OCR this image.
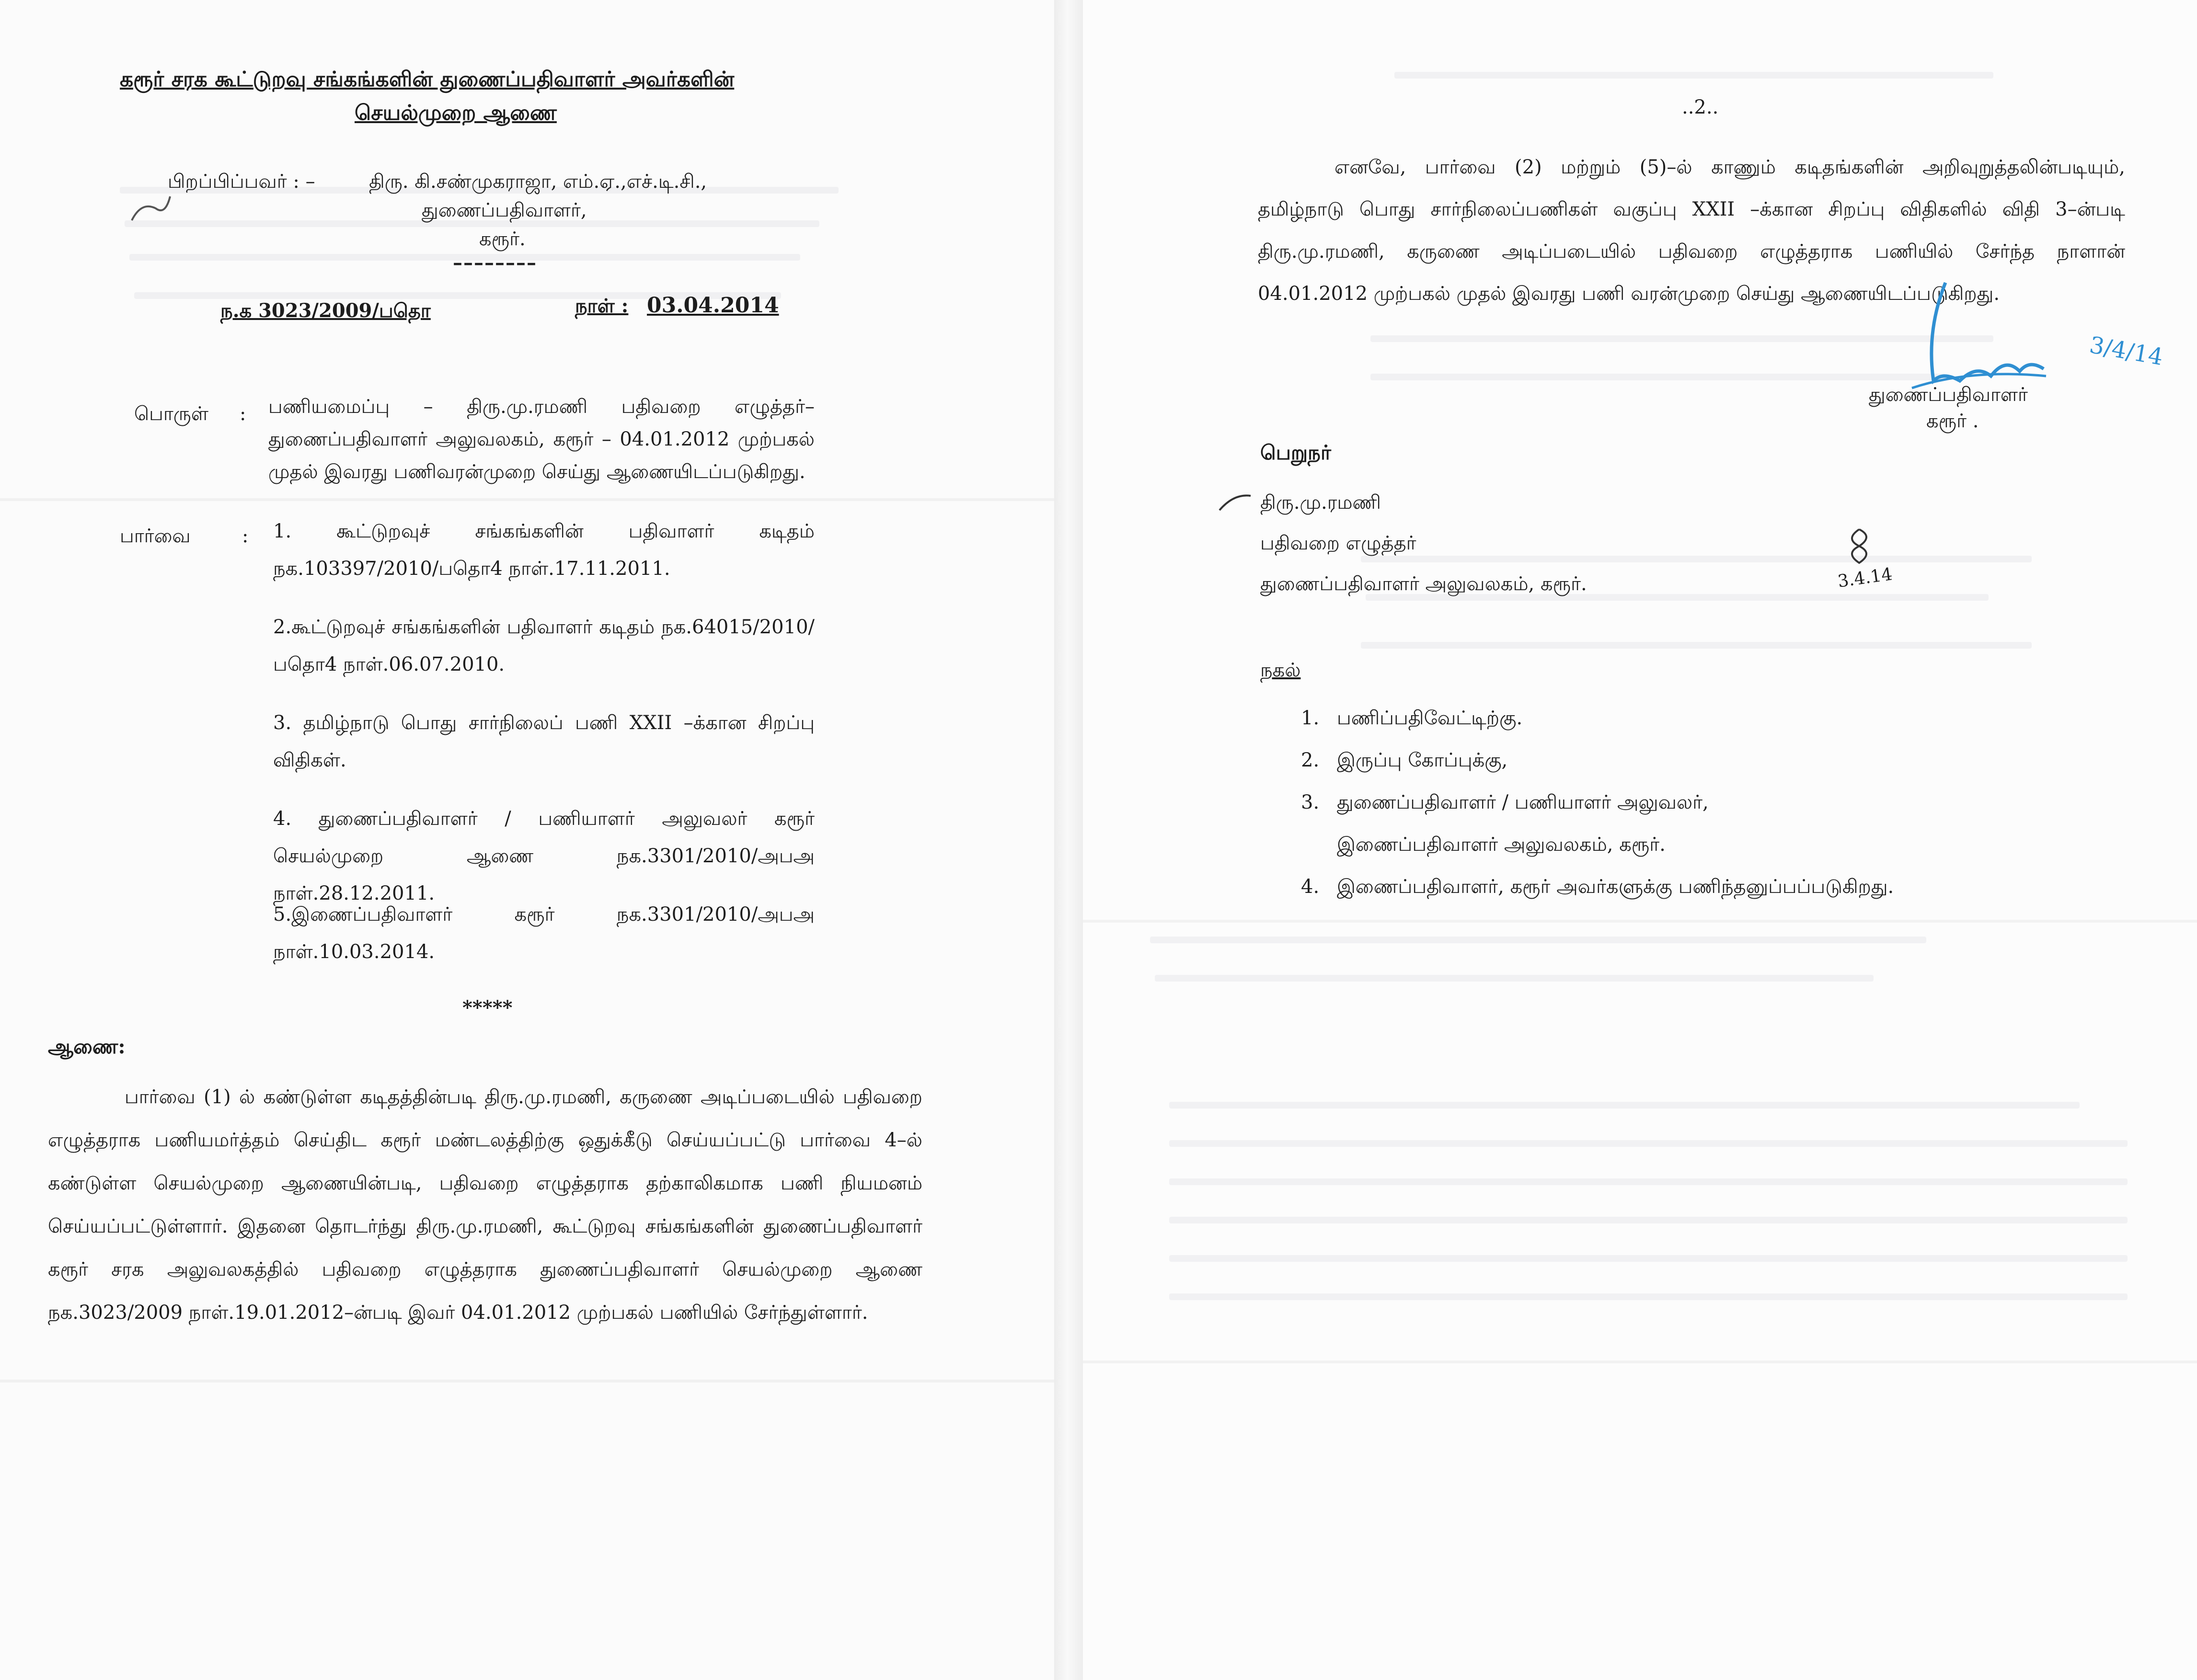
கரூர் சரக கூட்டுறவு சங்கங்களின் துணைப்பதிவாளர் அவர்களின்
செயல்முறை ஆணை
பிறப்பிப்பவர் : –	திரு. கி.சண்முகராஜா, எம்.ஏ.,எச்.டி.சி.,
துணைப்பதிவாளர்,
கரூர்.
––––––––
ந.க 3023/2009/பதொ	நாள் : 03.04.2014
பொருள் : பணியமைப்பு – திரு.மு.ரமணி பதிவறை எழுத்தர்– துணைப்பதிவாளர் அலுவலகம், கரூர் – 04.01.2012 முற்பகல் முதல் இவரது பணிவரன்முறை செய்து ஆணையிடப்படுகிறது.
பார்வை	: 1. கூட்டுறவுச் சங்கங்களின் பதிவாளர் கடிதம் நக.103397/2010/பதொ4 நாள்.17.11.2011.
2.கூட்டுறவுச் சங்கங்களின் பதிவாளர் கடிதம் நக.64015/2010/பதொ4 நாள்.06.07.2010.
3. தமிழ்நாடு பொது சார்நிலைப் பணி XXII –க்கான சிறப்பு விதிகள்.
4. துணைப்பதிவாளர் / பணியாளர் அலுவலர் கரூர் செயல்முறை ஆணை நக.3301/2010/அபஅ நாள்.28.12.2011.
5.இணைப்பதிவாளர் கரூர் நக.3301/2010/அபஅ நாள்.10.03.2014.
*****
ஆணை:
பார்வை (1) ல் கண்டுள்ள கடிதத்தின்படி திரு.மு.ரமணி, கருணை அடிப்படையில் பதிவறை எழுத்தராக பணியமர்த்தம் செய்திட கரூர் மண்டலத்திற்கு ஒதுக்கீடு செய்யப்பட்டு பார்வை 4–ல் கண்டுள்ள செயல்முறை ஆணையின்படி, பதிவறை எழுத்தராக தற்காலிகமாக பணி நியமனம் செய்யப்பட்டுள்ளார். இதனை தொடர்ந்து திரு.மு.ரமணி, கூட்டுறவு சங்கங்களின் துணைப்பதிவாளர் கரூர் சரக அலுவலகத்தில் பதிவறை எழுத்தராக துணைப்பதிவாளர் செயல்முறை ஆணை நக.3023/2009 நாள்.19.01.2012–ன்படி இவர் 04.01.2012 முற்பகல் பணியில் சேர்ந்துள்ளார்.
..2..
எனவே, பார்வை (2) மற்றும் (5)–ல் காணும் கடிதங்களின் அறிவுறுத்தலின்படியும், தமிழ்நாடு பொது சார்நிலைப்பணிகள் வகுப்பு XXII –க்கான சிறப்பு விதிகளில் விதி 3–ன்படி திரு.மு.ரமணி, கருணை அடிப்படையில் பதிவறை எழுத்தராக பணியில் சேர்ந்த நாளான் 04.01.2012 முற்பகல் முதல் இவரது பணி வரன்முறை செய்து ஆணையிடப்படுகிறது.
3/4/14
துணைப்பதிவாளர்
கரூர் .
பெறுநர்
திரு.மு.ரமணி
பதிவறை எழுத்தர்
துணைப்பதிவாளர் அலுவலகம், கரூர்.	3.4.14
நகல்
1. பணிப்பதிவேட்டிற்கு.
2. இருப்பு கோப்புக்கு,
3. துணைப்பதிவாளர் / பணியாளர் அலுவலர்,
இணைப்பதிவாளர் அலுவலகம், கரூர்.
4. இணைப்பதிவாளர், கரூர் அவர்களுக்கு பணிந்தனுப்பப்படுகிறது.
